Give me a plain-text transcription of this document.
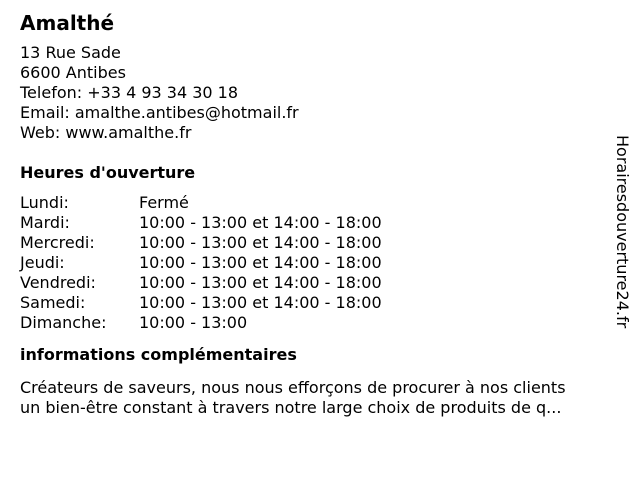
Amalthé
13 Rue Sade
6600 Antibes
Telefon: +33 4 93 34 30 18
Email: amalthe.antibes@hotmail.fr
Web: www.amalthe.fr
Heures d'ouverture
Lundi:	Fermé
Mardi:	10:00 - 13:00 et 14:00 - 18:00
Mercredi:	10:00 - 13:00 et 14:00 - 18:00
Jeudi:	10:00 - 13:00 et 14:00 - 18:00
Vendredi:	10:00 - 13:00 et 14:00 - 18:00
Samedi:	10:00 - 13:00 et 14:00 - 18:00
Dimanche:	10:00 - 13:00
informations complémentaires
Créateurs de saveurs, nous nous efforçons de procurer à nos clients
un bien-être constant à travers notre large choix de produits de q...
Horairesdouverture24.fr
